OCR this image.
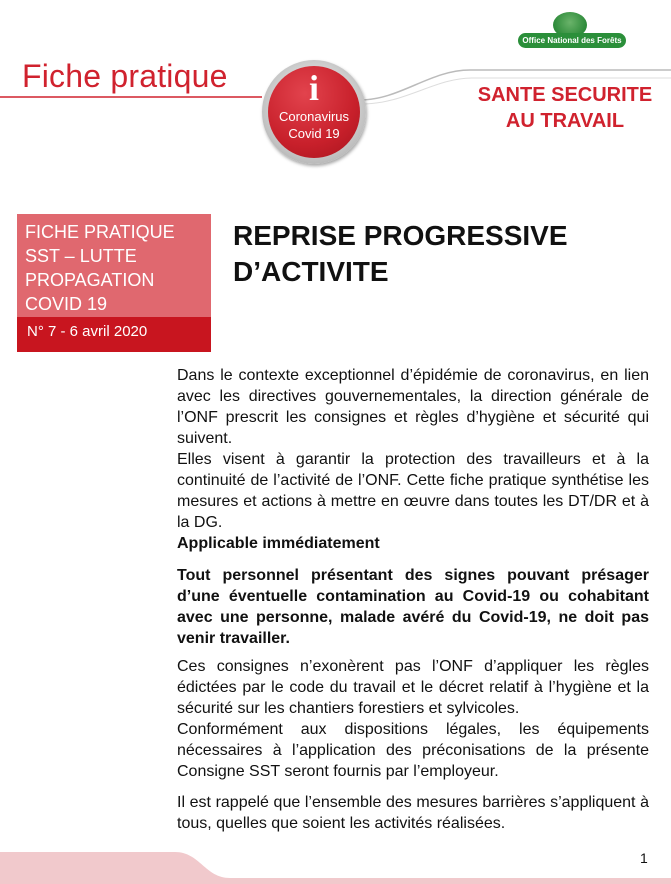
Fiche pratique	i
Coronavirus
Covid 19
SANTE SECURITE
AU TRAVAIL
Office National des Forêts
FICHE PRATIQUE
SST – LUTTE
PROPAGATION
COVID 19
N° 7 - 6 avril 2020
REPRISE PROGRESSIVE
D’ACTIVITE

Dans le contexte exceptionnel d’épidémie de coronavirus, en lien avec les directives gouvernementales, la direction générale de l’ONF prescrit les consignes et règles d’hygiène et sécurité qui suivent.

Elles visent à garantir la protection des travailleurs et à la continuité de l’activité de l’ONF. Cette fiche pratique synthétise les mesures et actions à mettre en œuvre dans toutes les DT/DR et à la DG.

Applicable immédiatement

Tout personnel présentant des signes pouvant présager d’une éventuelle contamination au Covid-19 ou cohabitant avec une personne, malade avéré du Covid-19, ne doit pas venir travailler.

Ces consignes n’exonèrent pas l’ONF d’appliquer les règles édictées par le code du travail et le décret relatif à l’hygiène et la sécurité sur les chantiers forestiers et sylvicoles.

Conformément aux dispositions légales, les équipements nécessaires à l’application des préconisations de la présente Consigne SST seront fournis par l’employeur.

Il est rappelé que l’ensemble des mesures barrières s’appliquent à tous, quelles que soient les activités réalisées.

1
